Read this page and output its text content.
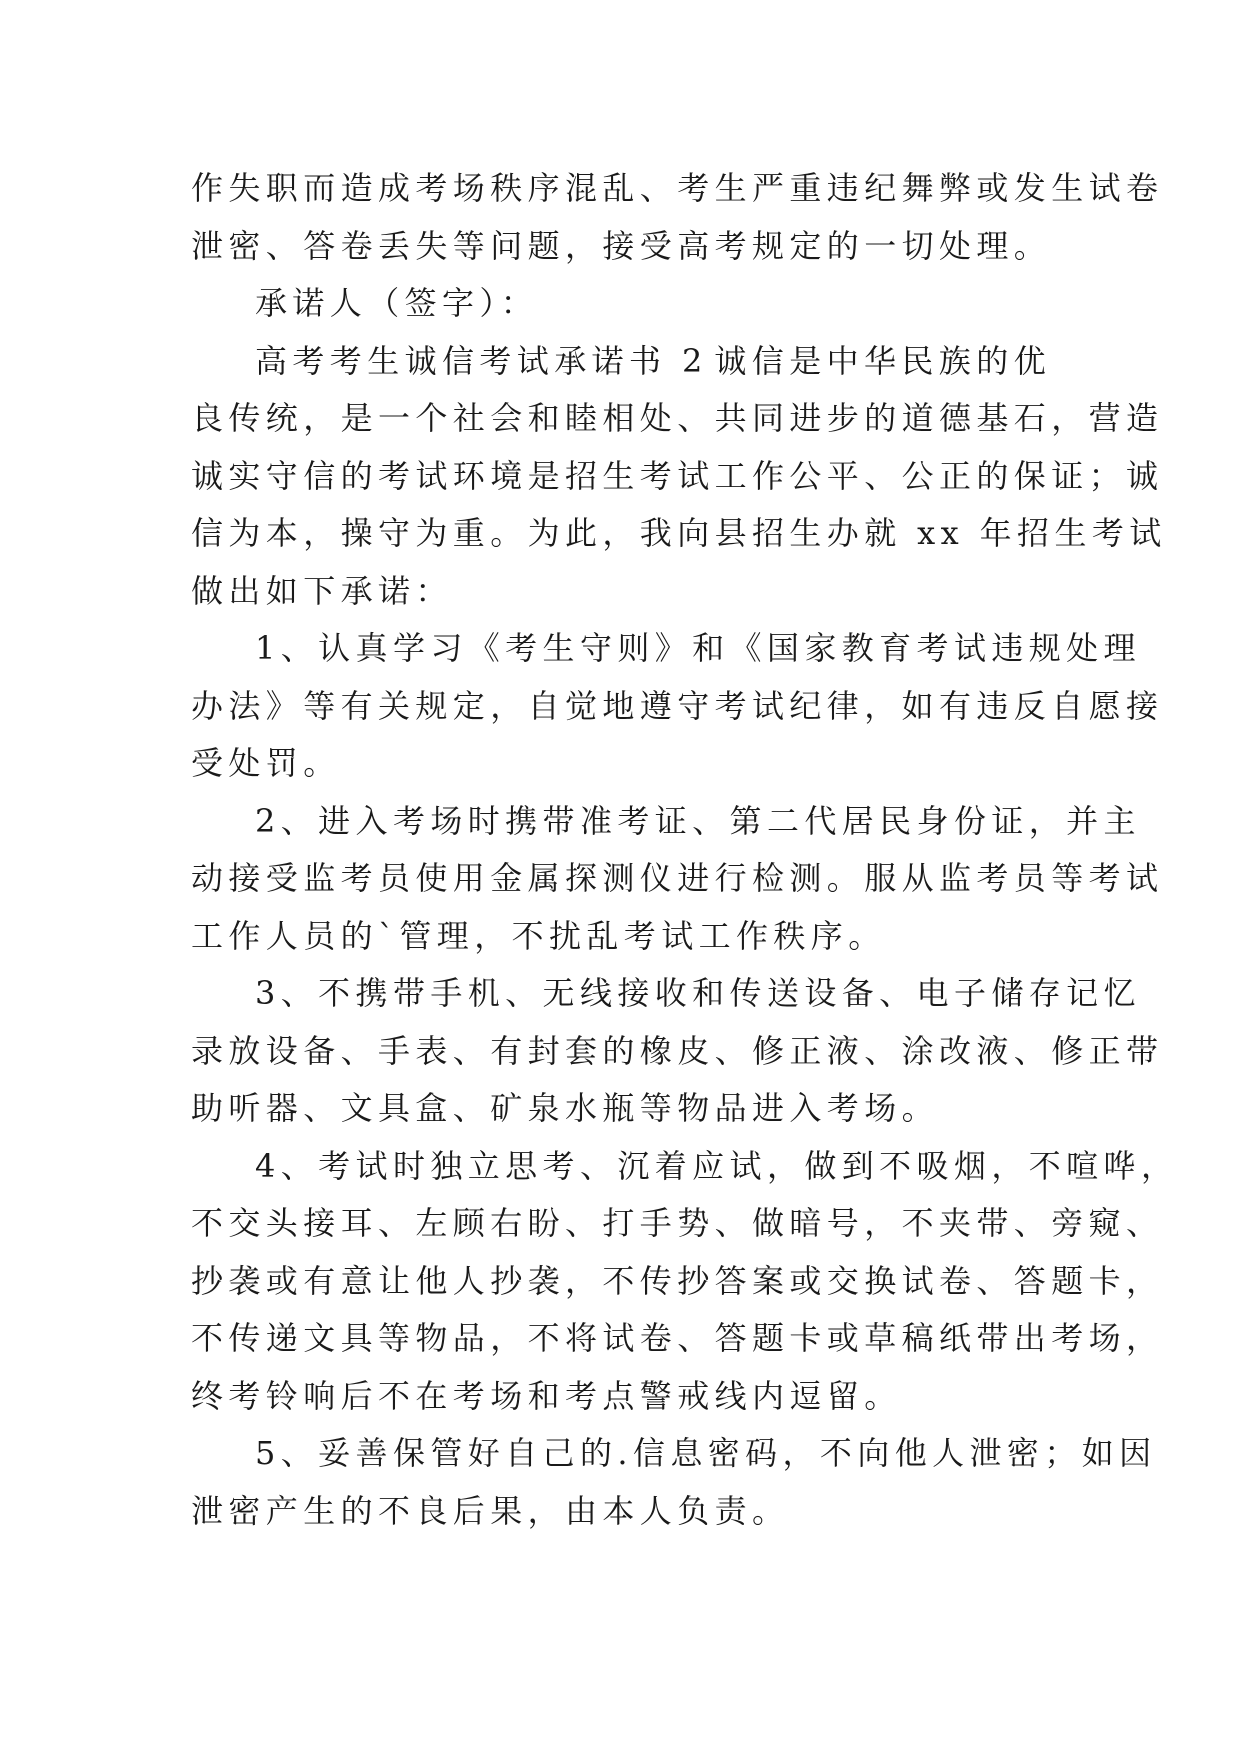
作失职而造成考场秩序混乱、考生严重违纪舞弊或发生试卷
泄密、答卷丢失等问题，接受高考规定的一切处理。
承诺人（签字）：
高考考生诚信考试承诺书 2 诚信是中华民族的优
良传统，是一个社会和睦相处、共同进步的道德基石，营造
诚实守信的考试环境是招生考试工作公平、公正的保证；诚
信为本，操守为重。为此，我向县招生办就 xx 年招生考试
做出如下承诺：
1、认真学习《考生守则》和《国家教育考试违规处理
办法》等有关规定，自觉地遵守考试纪律，如有违反自愿接
受处罚。
2、进入考场时携带准考证、第二代居民身份证，并主
动接受监考员使用金属探测仪进行检测。服从监考员等考试
工作人员的`管理，不扰乱考试工作秩序。
3、不携带手机、无线接收和传送设备、电子储存记忆
录放设备、手表、有封套的橡皮、修正液、涂改液、修正带
助听器、文具盒、矿泉水瓶等物品进入考场。
4、考试时独立思考、沉着应试，做到不吸烟，不喧哗，
不交头接耳、左顾右盼、打手势、做暗号，不夹带、旁窥、
抄袭或有意让他人抄袭，不传抄答案或交换试卷、答题卡，
不传递文具等物品，不将试卷、答题卡或草稿纸带出考场，
终考铃响后不在考场和考点警戒线内逗留。
5、妥善保管好自己的.信息密码，不向他人泄密；如因
泄密产生的不良后果，由本人负责。
